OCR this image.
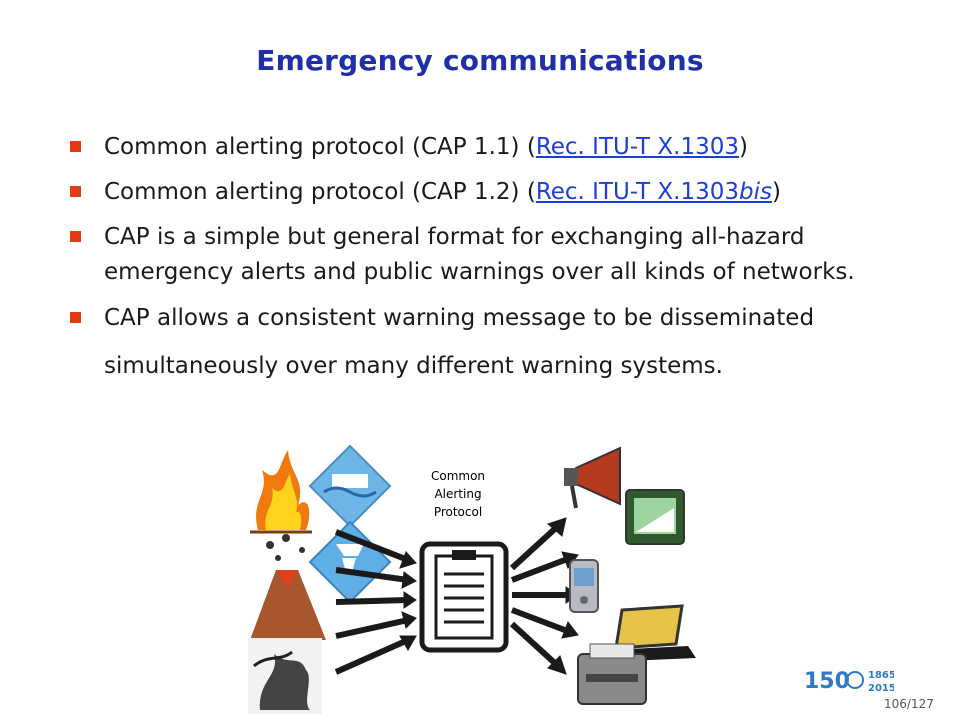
Emergency communications
Common alerting protocol (CAP 1.1) (Rec. ITU-T X.1303)
Common alerting protocol (CAP 1.2) (Rec. ITU-T X.1303bis)
CAP is a simple but general format for exchanging all-hazard emergency alerts and public warnings over all kinds of networks.
CAP allows a consistent warning message to be disseminated simultaneously over many different warning systems.
Common
Alerting
Protocol
150 1865
2015
106/127
